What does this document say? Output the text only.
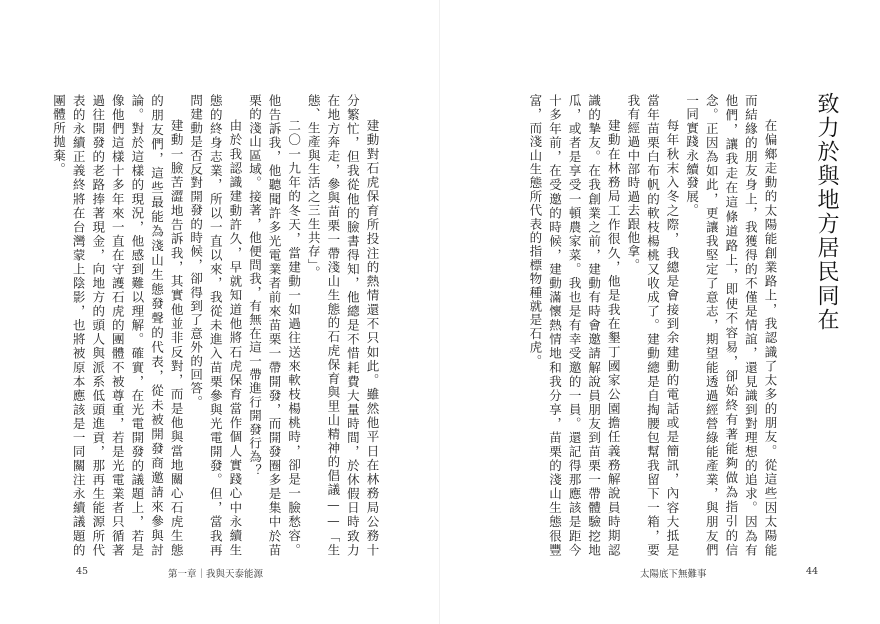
建動對石虎保育所投注的熱情還不只如此。雖然他平日在林務局公務十分繁忙，但我從他的臉書得知，他總是不惜耗費大量時間，於休假日時致力在地方奔走，參與苗栗一帶淺山生態的石虎保育與里山精神的倡議——「生態、生產與生活之三生共存」。

二〇一九年的冬天，當建動一如過往送來軟枝楊桃時，卻是一臉愁容。他告訴我，他聽聞許多光電業者前來苗栗一帶開發，而開發圈多是集中於苗栗的淺山區域。接著，他便問我，有無在這一帶進行開發行為？

由於我認識建動許久，早就知道他將石虎保育當作個人實踐心中永續生態的終身志業，所以一直以來，我從未進入苗栗參與光電開發。但，當我再問建動是否反對開發的時候，卻得到了意外的回答。

建動一臉苦澀地告訴我，其實他並非反對，而是他與當地關心石虎生態的朋友們，這些最能為淺山生態發聲的代表，從未被開發商邀請來參與討論。對於這樣的現況，他感到難以理解。確實，在光電開發的議題上，若是像他們這樣十多年來一直在守護石虎的團體不被尊重，若是光電業者只循著過往開發的老路捧著現金，向地方的頭人與派系低頭進貢，那再生能源所代表的永續正義終將在台灣蒙上陰影，也將被原本應該是一同關注永續議題的團體所拋棄。

45	第一章｜我與天泰能源
致力於與地方居民同在

在偏鄉走動的太陽能創業路上，我認識了太多的朋友。從這些因太陽能而結緣的朋友身上，我獲得的不僅是情誼，還見識到對理想的追求。因為有他們，讓我走在這條道路上，即使不容易，卻始終有著能夠做為指引的信念。正因為如此，更讓我堅定了意志，期望能透過經營綠能產業，與朋友們一同實踐永續發展。

每年秋末入冬之際，我總是會接到余建動的電話或是簡訊，內容大抵是當年苗栗白布帆的軟枝楊桃又收成了。建動總是自掏腰包幫我留下一箱，要我有經過中部時過去跟他拿。

建動在林務局工作很久，他是我在墾丁國家公園擔任義務解說員時期認識的摯友。在我創業之前，建動有時會邀請解說員朋友到苗栗一帶體驗挖地瓜，或者是享受一頓農家菜。我也是有幸受邀的一員。還記得那應該是距今十多年前，在受邀的時候，建動滿懷熱情地和我分享，苗栗的淺山生態很豐富，而淺山生態所代表的指標物種就是石虎。

太陽底下無難事	44
